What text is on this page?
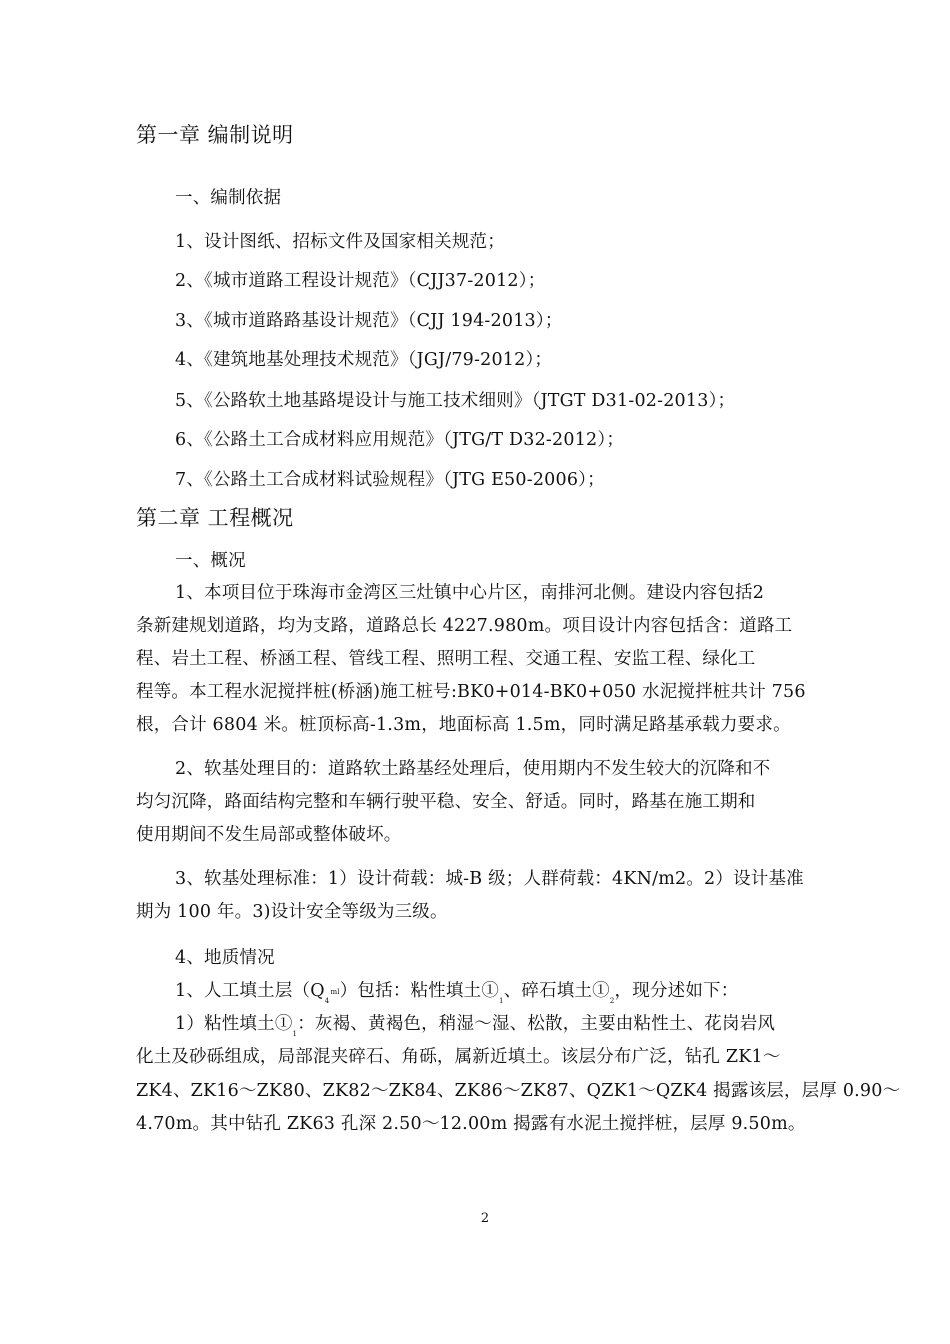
第一章 编制说明
一、编制依据
1、设计图纸、招标文件及国家相关规范；
2、《城市道路工程设计规范》（CJJ37-2012）；
3、《城市道路路基设计规范》（CJJ 194-2013）；
4、《建筑地基处理技术规范》（JGJ/79-2012）；
5、《公路软土地基路堤设计与施工技术细则》（JTGT D31-02-2013）；
6、《公路土工合成材料应用规范》（JTG/T D32-2012）；
7、《公路土工合成材料试验规程》（JTG E50-2006）；
第二章 工程概况
一、概况
1、本项目位于珠海市金湾区三灶镇中心片区，南排河北侧。建设内容包括2
条新建规划道路，均为支路，道路总长 4227.980m。项目设计内容包括含：道路工
程、岩土工程、桥涵工程、管线工程、照明工程、交通工程、安监工程、绿化工
程等。本工程水泥搅拌桩(桥涵)施工桩号:BK0+014-BK0+050 水泥搅拌桩共计 756
根，合计 6804 米。桩顶标高-1.3m，地面标高 1.5m，同时满足路基承载力要求。
2、软基处理目的：道路软土路基经处理后，使用期内不发生较大的沉降和不
均匀沉降，路面结构完整和车辆行驶平稳、安全、舒适。同时，路基在施工期和
使用期间不发生局部或整体破坏。
3、软基处理标准：1）设计荷载：城-B 级；人群荷载：4KN/m2。2）设计基准
期为 100 年。3)设计安全等级为三级。
4、地质情况
1、人工填土层$(Q_4ml)$包括：粘性填土$①_1$、碎石填土$①_2$，现分述如下：
1）粘性填土$①_1$：灰褐、黄褐色，稍湿～湿、松散，主要由粘性土、花岗岩风
化土及砂砾组成，局部混夹碎石、角砾，属新近填土。该层分布广泛，钻孔 ZK1～
ZK4、ZK16～ZK80、ZK82～ZK84、ZK86～ZK87、QZK1～QZK4 揭露该层，层厚 0.90～
4.70m。其中钻孔 ZK63 孔深 2.50～12.00m 揭露有水泥土搅拌桩，层厚 9.50m。
2
